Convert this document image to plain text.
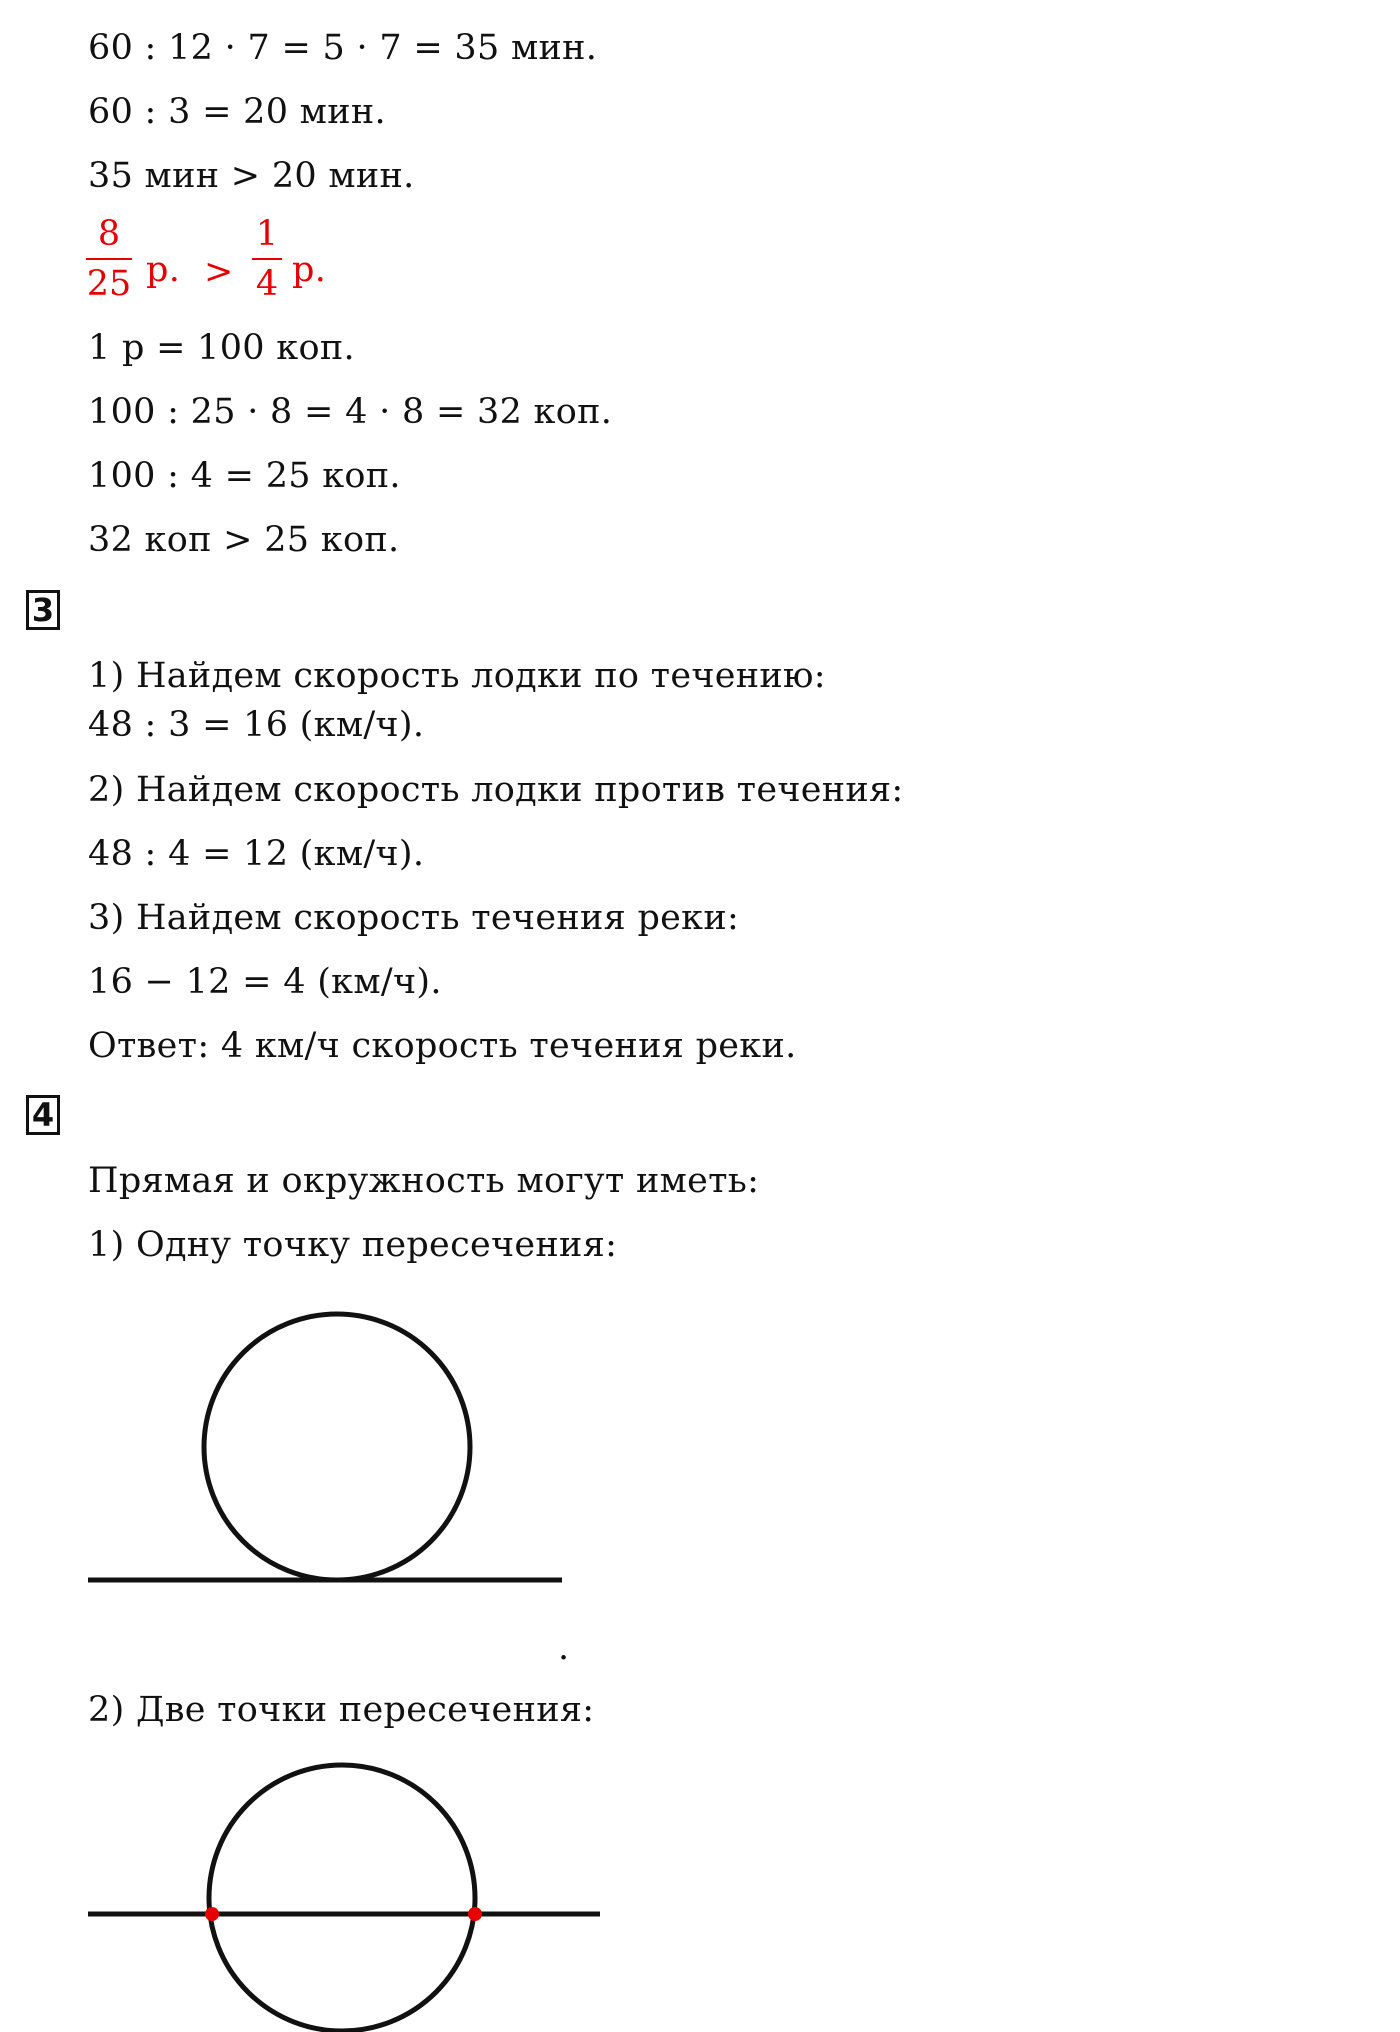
60 : 12 · 7 = 5 · 7 = 35 мин.
60 : 3 = 20 мин.
35 мин > 20 мин.
8
25 р. >
1
4 р.
1 р = 100 коп.
100 : 25 · 8 = 4 · 8 = 32 коп.
100 : 4 = 25 коп.
32 коп > 25 коп.
3
1) Найдем скорость лодки по течению:
48 : 3 = 16 (км/ч).
2) Найдем скорость лодки против течения:
48 : 4 = 12 (км/ч).
3) Найдем скорость течения реки:
16 − 12 = 4 (км/ч).
Ответ: 4 км/ч скорость течения реки.
4
Прямая и окружность могут иметь:
1) Одну точку пересечения:
.
2) Две точки пересечения:
